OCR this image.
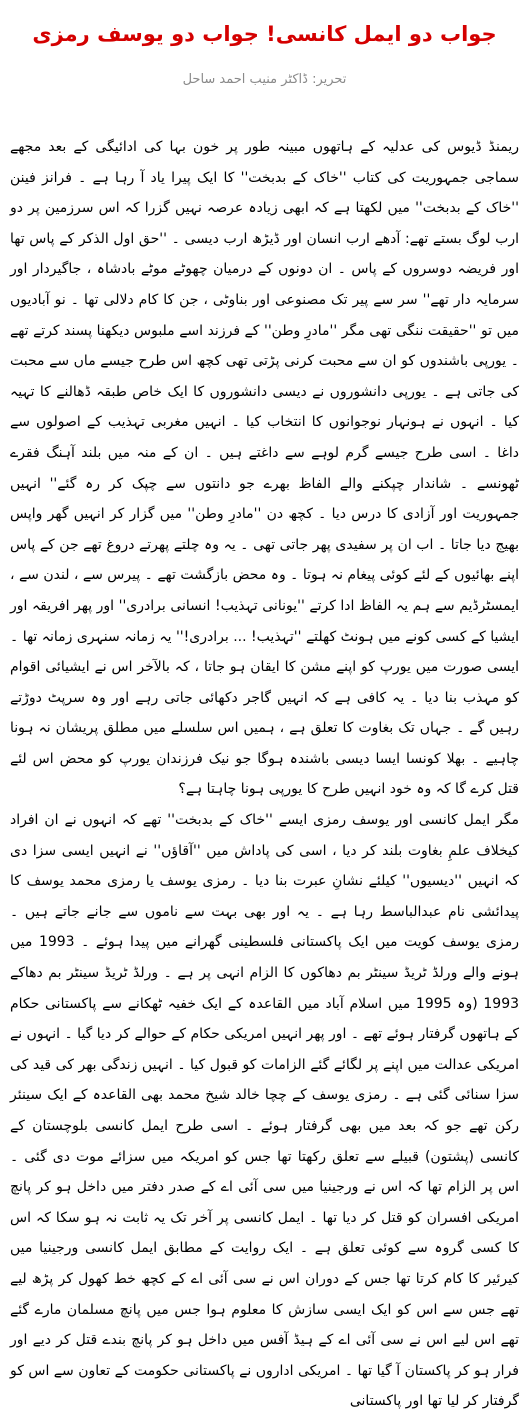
جواب دو ایمل کانسی! جواب دو یوسف رمزی
تحریر: ڈاکٹر منیب احمد ساحل

ریمنڈ ڈیوس کی عدلیہ کے ہاتھوں مبینہ طور پر خون بہا کی ادائیگی کے بعد مجھے سماجی جمہوریت کی کتاب ''خاک کے بدبخت'' کا ایک پیرا یاد آ رہا ہے ۔ فرانز فینن ''خاک کے بدبخت'' میں لکھتا ہے کہ ابھی زیادہ عرصہ نہیں گزرا کہ اس سرزمین پر دو ارب لوگ بستے تھے: آدھے ارب انسان اور ڈیڑھ ارب دیسی ۔ ''حق اول الذکر کے پاس تھا اور فریضہ دوسروں کے پاس ۔ ان دونوں کے درمیان چھوٹے موٹے بادشاہ ، جاگیردار اور سرمایہ دار تھے'' سر سے پیر تک مصنوعی اور بناوٹی ، جن کا کام دلالی تھا ۔ نو آبادیوں میں تو ''حقیقت ننگی تھی مگر ''مادرِ وطن'' کے فرزند اسے ملبوس دیکھنا پسند کرتے تھے ۔ یورپی باشندوں کو ان سے محبت کرنی پڑتی تھی کچھ اس طرح جیسے ماں سے محبت کی جاتی ہے ۔ یورپی دانشوروں نے دیسی دانشوروں کا ایک خاص طبقہ ڈھالنے کا تہیہ کیا ۔ انہوں نے ہونہار نوجوانوں کا انتخاب کیا ۔ انہیں مغربی تہذیب کے اصولوں سے داغا ۔ اسی طرح جیسے گرم لوہے سے داغتے ہیں ۔ ان کے منہ میں بلند آہنگ فقرے ٹھونسے ۔ شاندار چپکنے والے الفاظ بھرے جو دانتوں سے چپک کر رہ گئے'' انہیں جمہوریت اور آزادی کا درس دیا ۔ کچھ دن ''مادرِ وطن'' میں گزار کر انہیں گھر واپس بھیج دیا جاتا ۔ اب ان پر سفیدی پھر جاتی تھی ۔ یہ وہ چلتے پھرتے دروغ تھے جن کے پاس اپنے بھائیوں کے لئے کوئی پیغام نہ ہوتا ۔ وہ محض بازگشت تھے ۔ پیرس سے ، لندن سے ، ایمسٹرڈیم سے ہم یہ الفاظ ادا کرتے ''یونانی تہذیب! انسانی برادری'' اور پھر افریقہ اور ایشیا کے کسی کونے میں ہونٹ کھلتے ''تہذیب! ... برادری!'' یہ زمانہ سنہری زمانہ تھا ۔ ایسی صورت میں یورپ کو اپنے مشن کا ایقان ہو جاتا ، کہ بالآخر اس نے ایشیائی اقوام کو مہذب بنا دیا ۔ یہ کافی ہے کہ انہیں گاجر دکھائی جاتی رہے اور وہ سرپٹ دوڑتے رہیں گے ۔ جہاں تک بغاوت کا تعلق ہے ، ہمیں اس سلسلے میں مطلق پریشان نہ ہونا چاہیے ۔ بھلا کونسا ایسا دیسی باشندہ ہوگا جو نیک فرزندان یورپ کو محض اس لئے قتل کرے گا کہ وہ خود انہیں طرح کا یورپی ہونا چاہتا ہے؟

مگر ایمل کانسی اور یوسف رمزی ایسے ''خاک کے بدبخت'' تھے کہ انہوں نے ان افراد کیخلاف علمِ بغاوت بلند کر دیا ، اسی کی پاداش میں ''آقاؤں'' نے انہیں ایسی سزا دی کہ انہیں ''دیسیوں'' کیلئے نشانِ عبرت بنا دیا ۔ رمزی یوسف یا رمزی محمد یوسف کا پیدائشی نام عبدالباسط رہا ہے ۔ یہ اور بھی بہت سے ناموں سے جانے جاتے ہیں ۔ رمزی یوسف کویت میں ایک پاکستانی فلسطینی گھرانے میں پیدا ہوئے ۔ 1993 میں ہونے والے ورلڈ ٹریڈ سینٹر بم دھاکوں کا الزام انہی پر ہے ۔ ورلڈ ٹریڈ سینٹر بم دھاکے 1993 (وہ 1995 میں اسلام آباد میں القاعدہ کے ایک خفیہ ٹھکانے سے پاکستانی حکام کے ہاتھوں گرفتار ہوئے تھے ۔ اور پھر انہیں امریکی حکام کے حوالے کر دیا گیا ۔ انہوں نے امریکی عدالت میں اپنے پر لگائے گئے الزامات کو قبول کیا ۔ انہیں زندگی بھر کی قید کی سزا سنائی گئی ہے ۔ رمزی یوسف کے چچا خالد شیخ محمد بھی القاعدہ کے ایک سینئر رکن تھے جو کہ بعد میں بھی گرفتار ہوئے ۔ اسی طرح ایمل کانسی بلوچستان کے کانسی (پشتون) قبیلے سے تعلق رکھتا تھا جس کو امریکہ میں سزائے موت دی گئی ۔ اس پر الزام تھا کہ اس نے ورجینیا میں سی آئی اے کے صدر دفتر میں داخل ہو کر پانچ امریکی افسران کو قتل کر دیا تھا ۔ ایمل کانسی پر آخر تک یہ ثابت نہ ہو سکا کہ اس کا کسی گروہ سے کوئی تعلق ہے ۔ ایک روایت کے مطابق ایمل کانسی ورجینیا میں کیرئیر کا کام کرتا تھا جس کے دوران اس نے سی آئی اے کے کچھ خط کھول کر پڑھ لیے تھے جس سے اس کو ایک ایسی سازش کا معلوم ہوا جس میں پانچ مسلمان مارے گئے تھے اس لیے اس نے سی آئی اے کے ہیڈ آفس میں داخل ہو کر پانچ بندے قتل کر دیے اور فرار ہو کر پاکستان آ گیا تھا ۔ امریکی اداروں نے پاکستانی حکومت کے تعاون سے اس کو گرفتار کر لیا تھا اور پاکستانی
